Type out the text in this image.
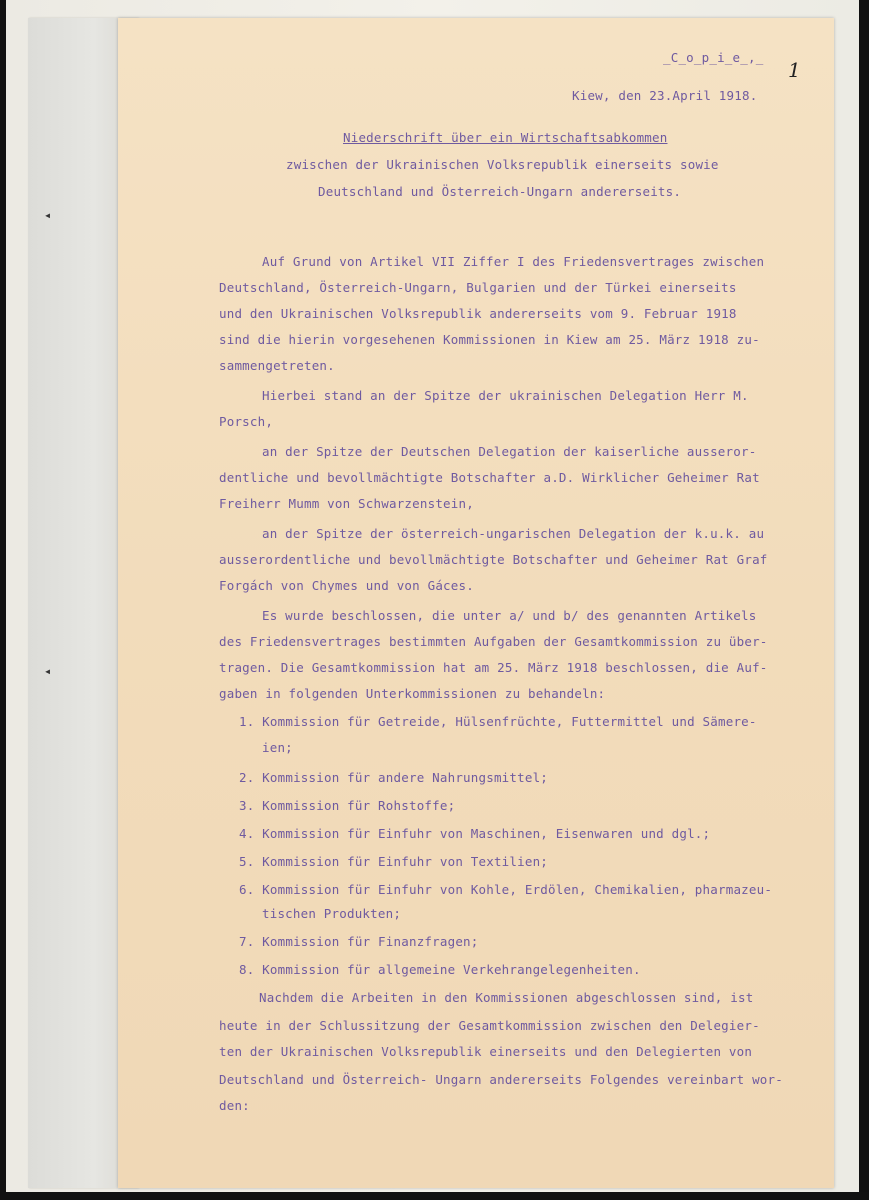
◂
◂
_C_o_p_i_e_,_
1
Kiew, den 23.April 1918.
Niederschrift über ein Wirtschaftsabkommen
zwischen der Ukrainischen Volksrepublik einerseits sowie
Deutschland und Österreich-Ungarn andererseits.
Auf Grund von Artikel VII Ziffer I des Friedensvertrages zwischen
Deutschland, Österreich-Ungarn, Bulgarien und der Türkei einerseits
und den Ukrainischen Volksrepublik andererseits vom 9. Februar 1918
sind die hierin vorgesehenen Kommissionen in Kiew am 25. März 1918 zu-
sammengetreten.
Hierbei stand an der Spitze der ukrainischen Delegation Herr M.
Porsch,
an der Spitze der Deutschen Delegation der kaiserliche ausseror-
dentliche und bevollmächtigte Botschafter a.D. Wirklicher Geheimer Rat
Freiherr Mumm von Schwarzenstein,
an der Spitze der österreich-ungarischen Delegation der k.u.k. au
ausserordentliche und bevollmächtigte Botschafter und Geheimer Rat Graf
Forgách von Chymes und von Gáces.
Es wurde beschlossen, die unter a/ und b/ des genannten Artikels
des Friedensvertrages bestimmten Aufgaben der Gesamtkommission zu über-
tragen. Die Gesamtkommission hat am 25. März 1918 beschlossen, die Auf-
gaben in folgenden Unterkommissionen zu behandeln:
1. Kommission für Getreide, Hülsenfrüchte, Futtermittel und Sämere-
ien;
2. Kommission für andere Nahrungsmittel;
3. Kommission für Rohstoffe;
4. Kommission für Einfuhr von Maschinen, Eisenwaren und dgl.;
5. Kommission für Einfuhr von Textilien;
6. Kommission für Einfuhr von Kohle, Erdölen, Chemikalien, pharmazeu-
tischen Produkten;
7. Kommission für Finanzfragen;
8. Kommission für allgemeine Verkehrangelegenheiten.
Nachdem die Arbeiten in den Kommissionen abgeschlossen sind, ist
heute in der Schlussitzung der Gesamtkommission zwischen den Delegier-
ten der Ukrainischen Volksrepublik einerseits und den Delegierten von
Deutschland und Österreich- Ungarn andererseits Folgendes vereinbart wor-
den:
